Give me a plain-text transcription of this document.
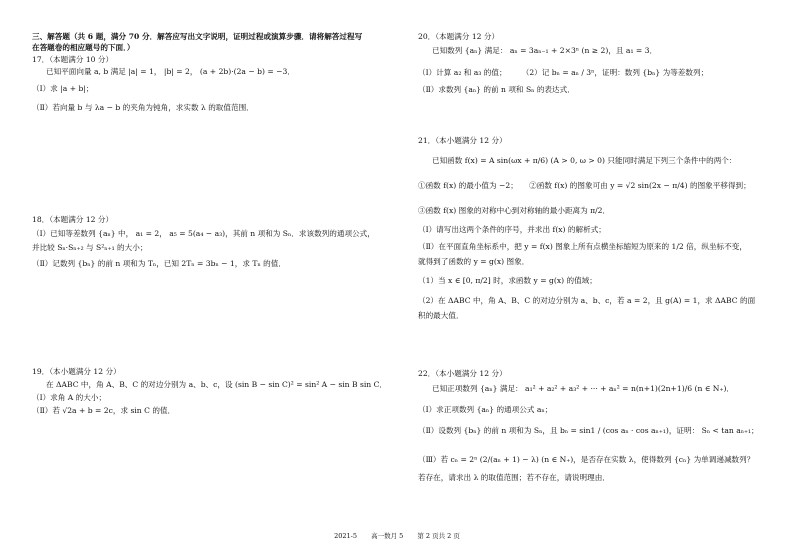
三、解答题（共 6 题，满分 70 分．解答应写出文字说明，证明过程或演算步骤．请将解答过程写
在答题卷的相应题号的下面．）
17．（本题满分 10 分）
已知平面向量 a, b 满足 |a| = 1， |b| = 2， (a + 2b)·(2a − b) = −3．
（Ⅰ）求 |a + b|；
（Ⅱ）若向量 b 与 λa − b 的夹角为钝角，求实数 λ 的取值范围．
18．（本题满分 12 分）
（Ⅰ）已知等差数列 {aₙ} 中， a₁ = 2， a₅ = 5(a₄ − a₃)，其前 n 项和为 Sₙ．求该数列的通项公式，
并比较 Sₙ·Sₙ₊₂ 与 S²ₙ₊₁ 的大小；
（Ⅱ）记数列 {bₙ} 的前 n 项和为 Tₙ，已知 2Tₙ = 3bₙ − 1，求 Tₙ 的值．
19．（本小题满分 12 分）
在 ΔABC 中，角 A、B、C 的对边分别为 a、b、c，设 (sin B − sin C)² = sin² A − sin B sin C．
（Ⅰ）求角 A 的大小；
（Ⅱ）若 √2a + b = 2c，求 sin C 的值．
20．（本题满分 12 分）
已知数列 {aₙ} 满足： aₙ = 3aₙ₋₁ + 2×3ⁿ (n ≥ 2)，且 a₁ = 3．
（Ⅰ）计算 a₂ 和 a₃ 的值；　　　（2）记 bₙ = aₙ / 3ⁿ，证明：数列 {bₙ} 为等差数列；
（Ⅱ）求数列 {aₙ} 的前 n 项和 Sₙ 的表达式．
21．（本小题满分 12 分）
已知函数 f(x) = A sin(ωx + π/6) (A > 0, ω > 0) 只能同时满足下列三个条件中的两个：
①函数 f(x) 的最小值为 −2；　　②函数 f(x) 的图象可由 y = √2 sin(2x − π/4) 的图象平移得到；
③函数 f(x) 图象的对称中心到对称轴的最小距离为 π/2．
（Ⅰ）请写出这两个条件的序号，并求出 f(x) 的解析式；
（Ⅱ）在平面直角坐标系中，把 y = f(x) 图象上所有点横坐标缩短为原来的 1/2 倍，纵坐标不变，
就得到了函数的 y = g(x) 图象．
（1）当 x ∈ [0, π/2] 时，求函数 y = g(x) 的值域；
（2）在 ΔABC 中，角 A、B、C 的对边分别为 a、b、c，若 a = 2，且 g(A) = 1，求 ΔABC 的面
积的最大值．
22．（本小题满分 12 分）
已知正项数列 {aₙ} 满足： a₁² + a₂² + a₃² + ··· + aₙ² = n(n+1)(2n+1)/6 (n ∈ N₊)．
（Ⅰ）求正项数列 {aₙ} 的通项公式 aₙ；
（Ⅱ）设数列 {bₙ} 的前 n 项和为 Sₙ，且 bₙ = sin1 / (cos aₙ · cos aₙ₊₁)，证明： Sₙ < tan aₙ₊₁；
（Ⅲ）若 cₙ = 2ⁿ (2/(aₙ + 1) − λ) (n ∈ N₊)，是否存在实数 λ，使得数列 {cₙ} 为单调递减数列？
若存在，请求出 λ 的取值范围；若不存在，请说明理由．
2021-5 高一数月 5 第 2 页共 2 页
